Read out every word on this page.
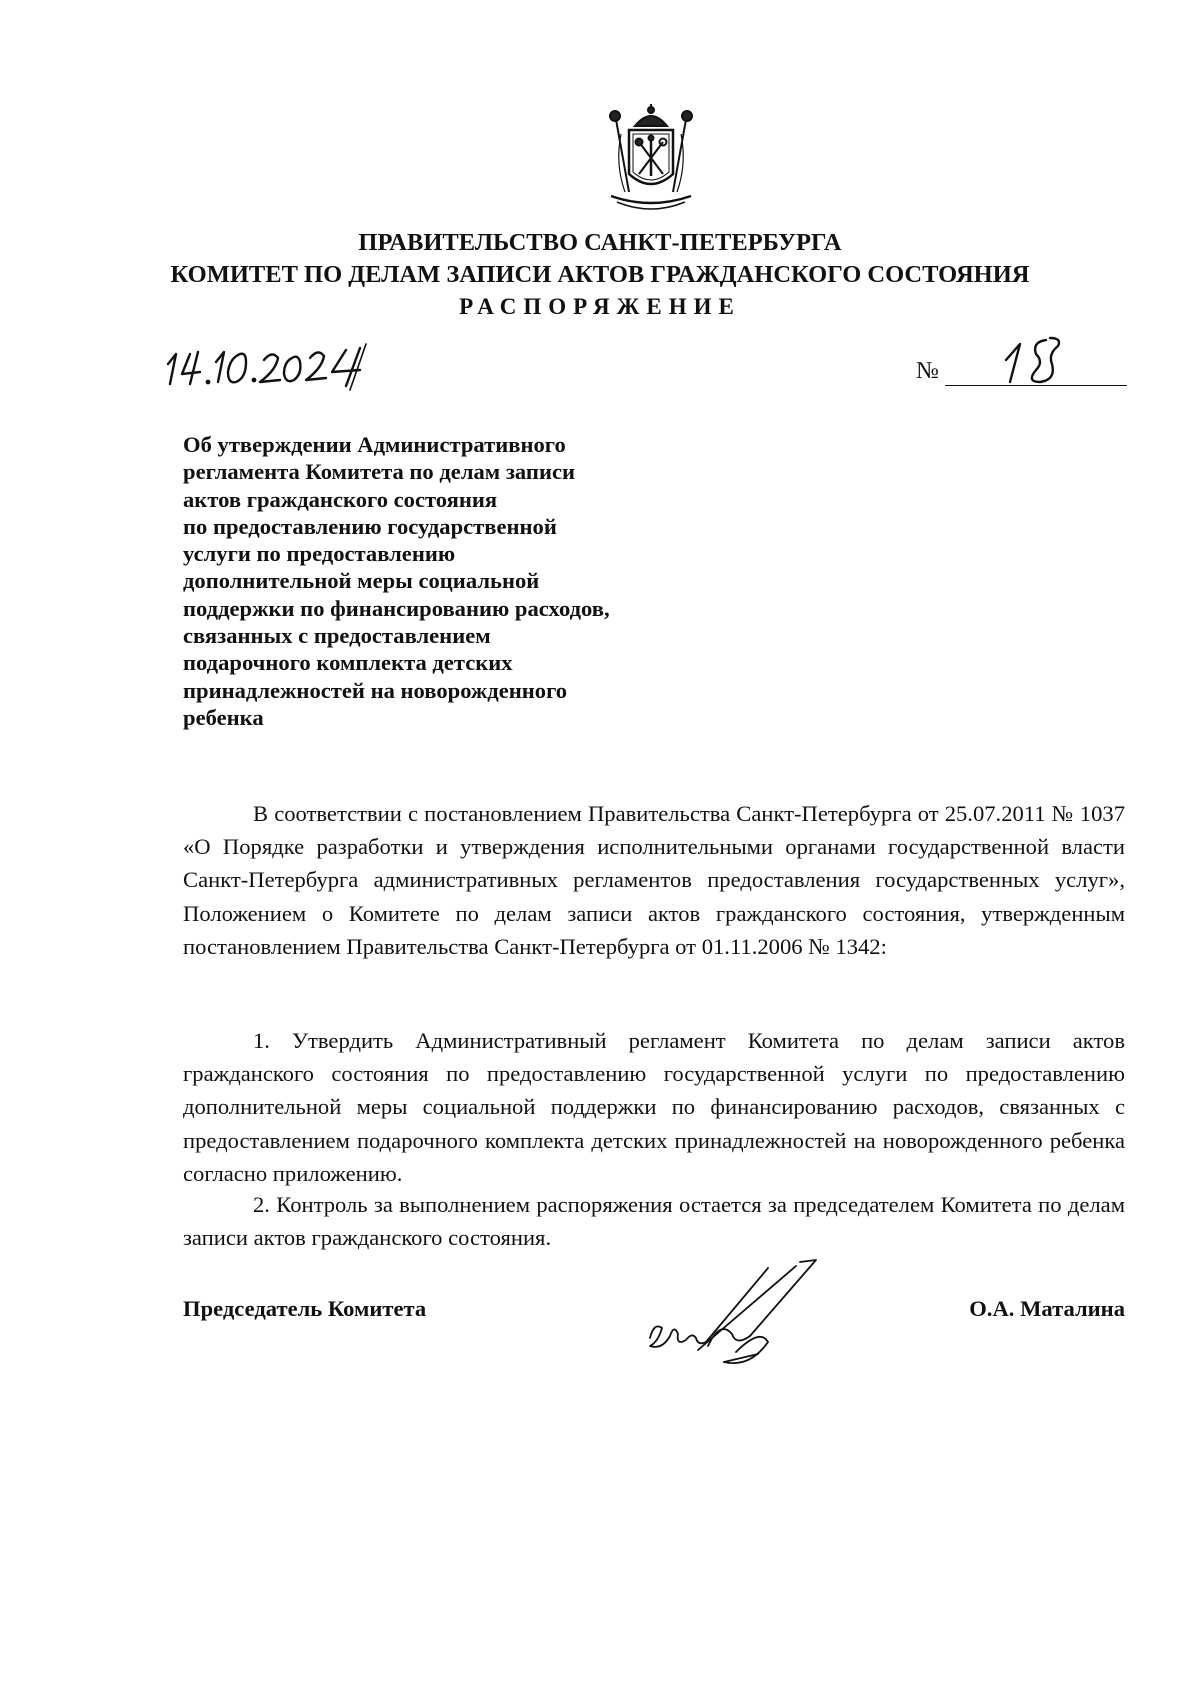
ПРАВИТЕЛЬСТВО САНКТ-ПЕТЕРБУРГА
КОМИТЕТ ПО ДЕЛАМ ЗАПИСИ АКТОВ ГРАЖДАНСКОГО СОСТОЯНИЯ
РАСПОРЯЖЕНИЕ
№
Об утверждении Административного
регламента Комитета по делам записи
актов гражданского состояния
по предоставлению государственной
услуги по предоставлению
дополнительной меры социальной
поддержки по финансированию расходов,
связанных с предоставлением
подарочного комплекта детских
принадлежностей на новорожденного
ребенка

В соответствии с постановлением Правительства Санкт-Петербурга от 25.07.2011 № 1037 «О Порядке разработки и утверждения исполнительными органами государственной власти Санкт-Петербурга административных регламентов предоставления государственных услуг», Положением о Комитете по делам записи актов гражданского состояния, утвержденным постановлением Правительства Санкт-Петербурга от 01.11.2006 № 1342:

1. Утвердить Административный регламент Комитета по делам записи актов гражданского состояния по предоставлению государственной услуги по предоставлению дополнительной меры социальной поддержки по финансированию расходов, связанных с предоставлением подарочного комплекта детских принадлежностей на новорожденного ребенка согласно приложению.

2. Контроль за выполнением распоряжения остается за председателем Комитета по делам записи актов гражданского состояния.

Председатель Комитета	О.А. Маталина
